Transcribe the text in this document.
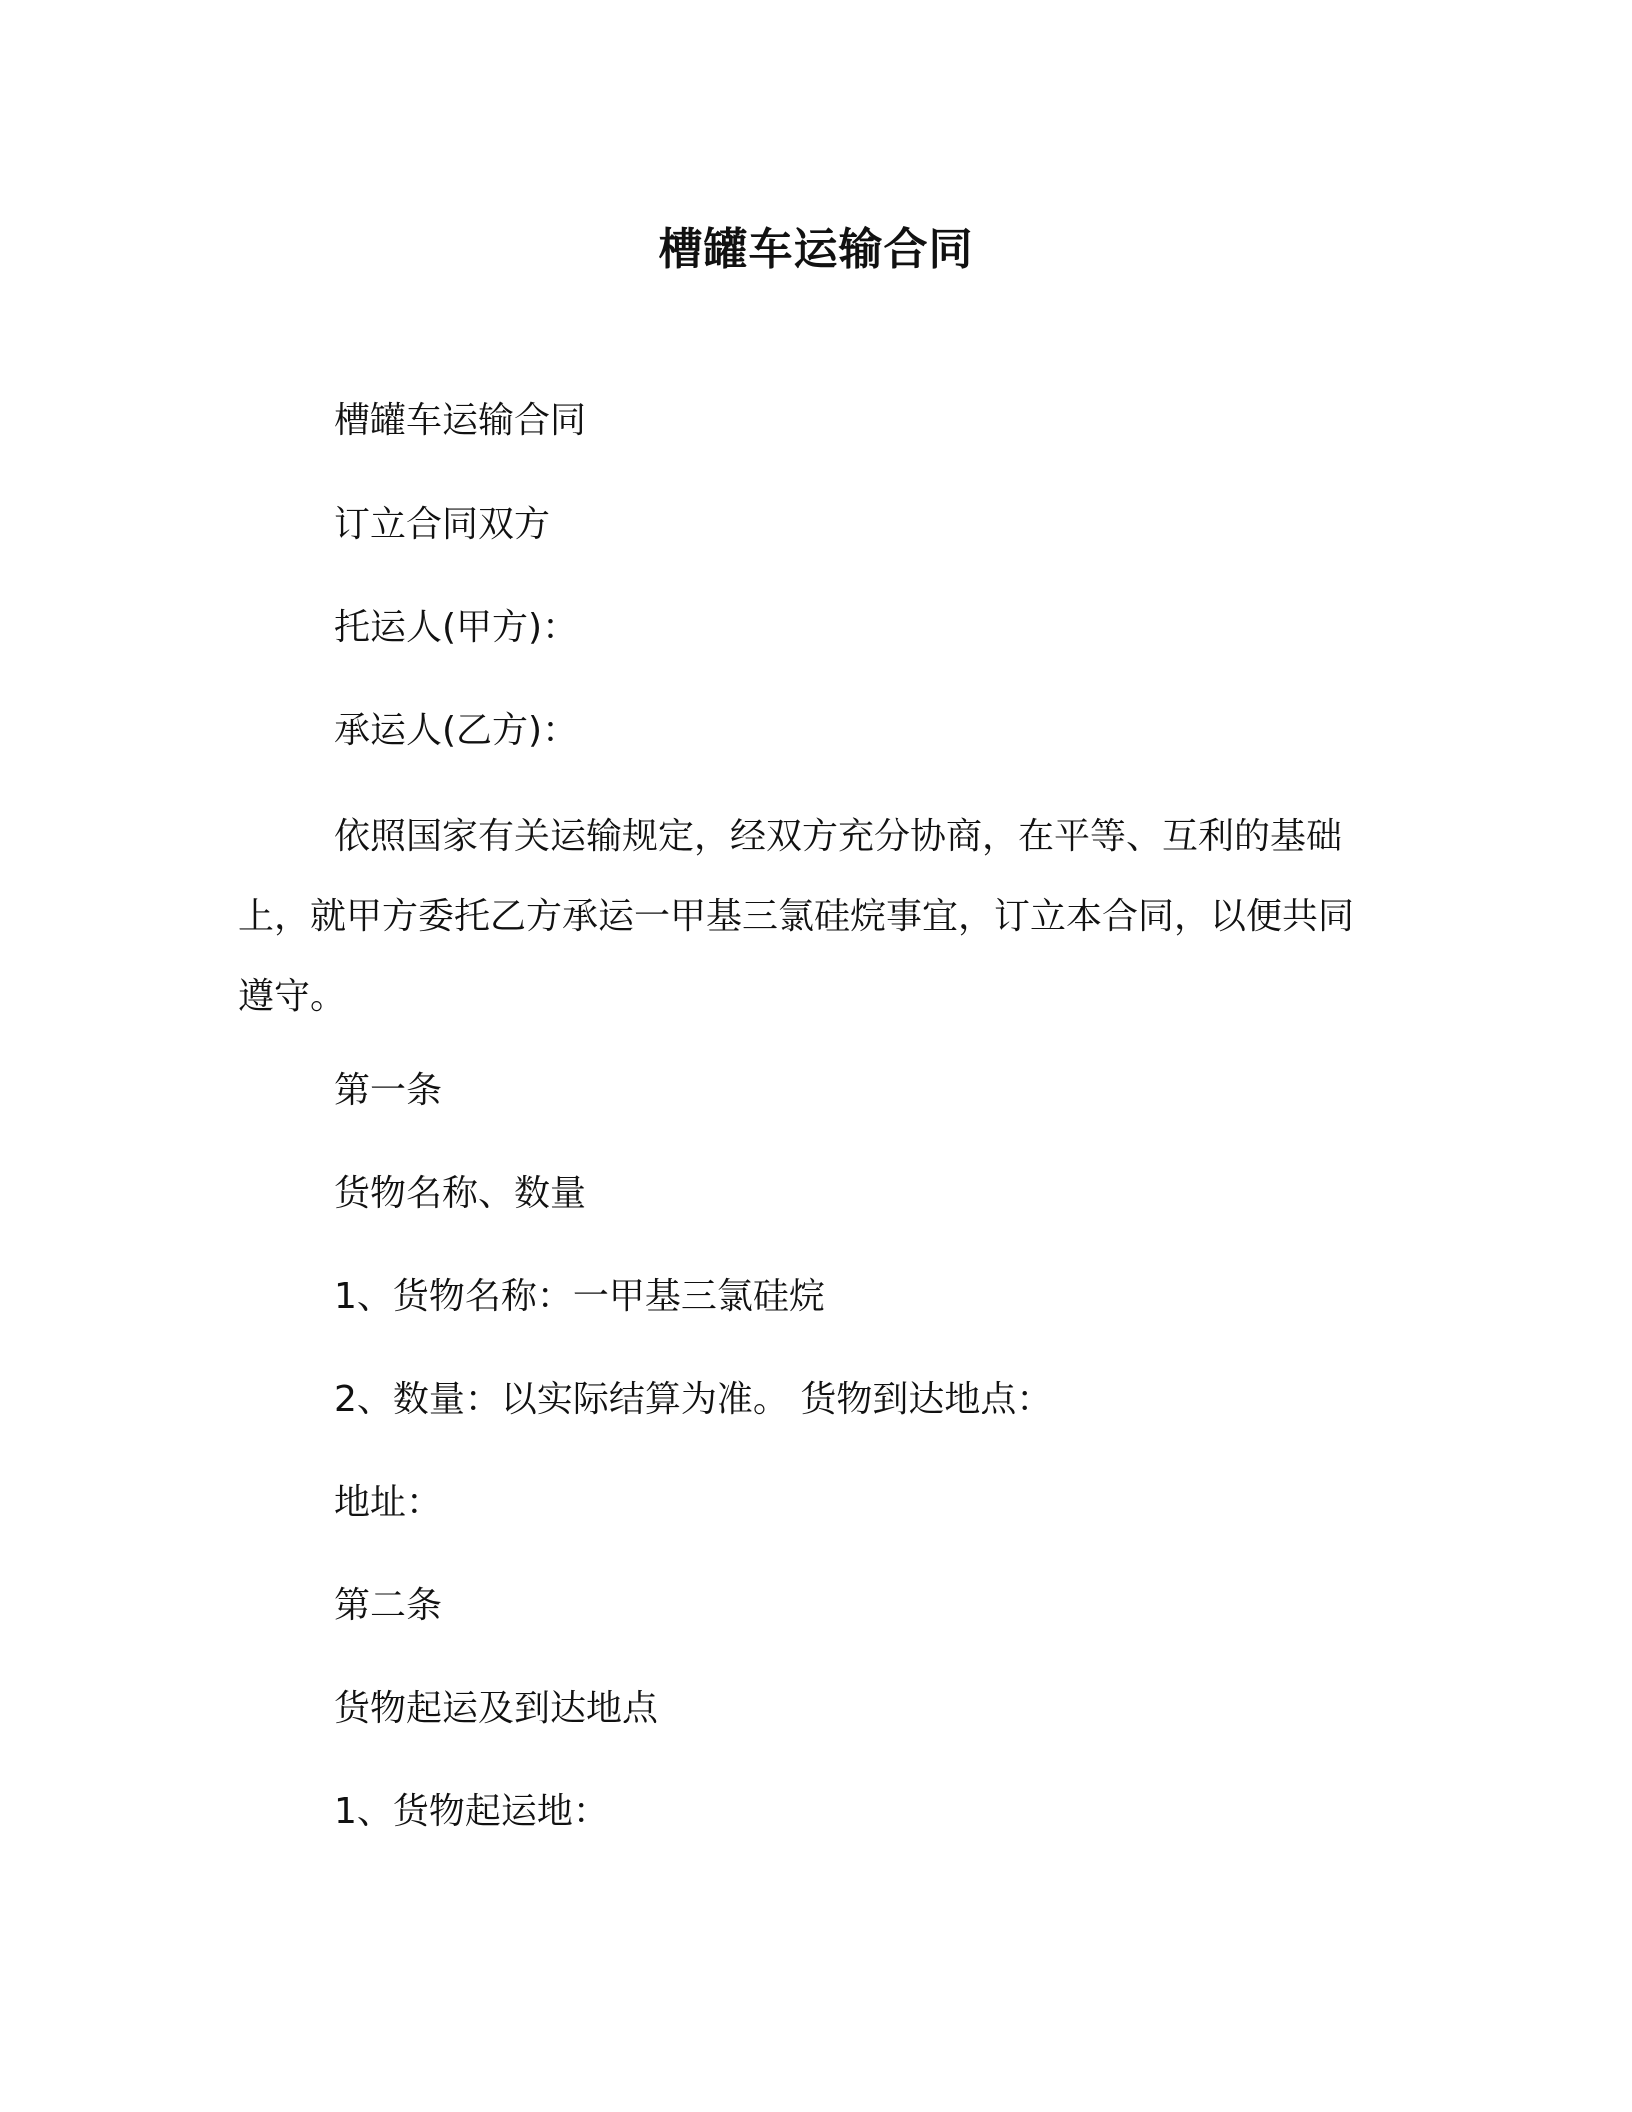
槽罐车运输合同
槽罐车运输合同
订立合同双方
托运人(甲方)：
承运人(乙方)：

依照国家有关运输规定，经双方充分协商，在平等、互利的基础上，就甲方委托乙方承运一甲基三氯硅烷事宜，订立本合同，以便共同遵守。

第一条
货物名称、数量
1、货物名称：一甲基三氯硅烷
2、数量：以实际结算为准。 货物到达地点：
地址：
第二条
货物起运及到达地点
1、货物起运地：
